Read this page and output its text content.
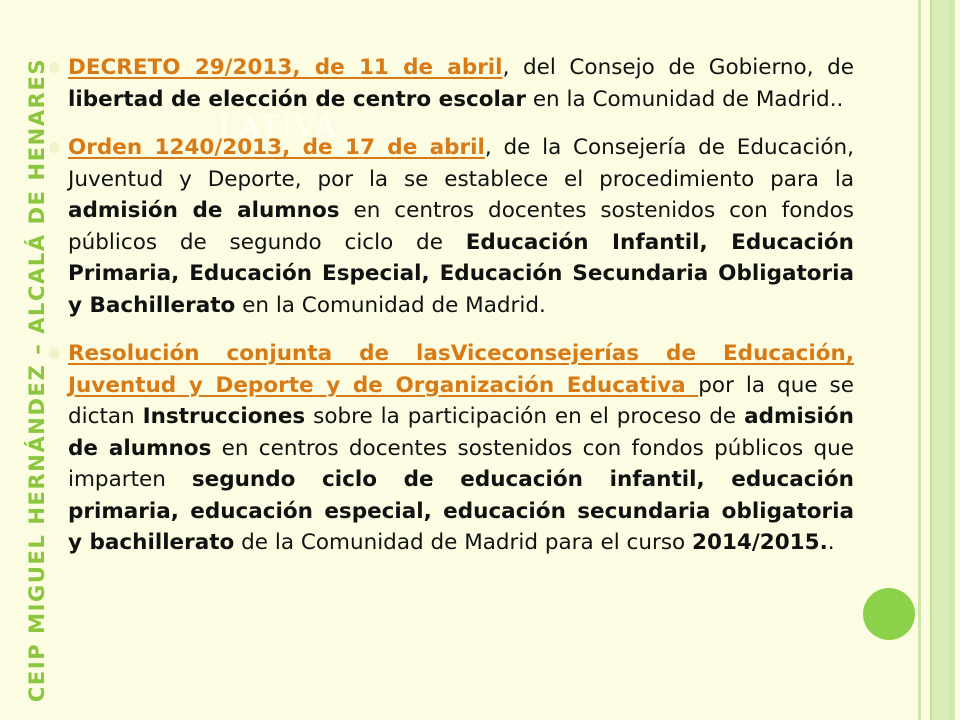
CEIP MIGUEL HERNÁNDEZ – ALCALÁ DE HENARES	LATIVA
DECRETO 29/2013, de 11 de abril, del Consejo de Gobierno, de libertad de elección de centro escolar en la Comunidad de Madrid..
Orden 1240/2013, de 17 de abril, de la Consejería de Educación, Juventud y Deporte, por la se establece el procedimiento para la admisión de alumnos en centros docentes sostenidos con fondos públicos de segundo ciclo de Educación Infantil, Educación Primaria, Educación Especial, Educación Secundaria Obligatoria y Bachillerato en la Comunidad de Madrid.
Resolución conjunta de lasViceconsejerías de Educación, Juventud y Deporte y de Organización Educativa por la que se dictan Instrucciones sobre la participación en el proceso de admisión de alumnos en centros docentes sostenidos con fondos públicos que imparten segundo ciclo de educación infantil, educación primaria, educación especial, educación secundaria obligatoria y bachillerato de la Comunidad de Madrid para el curso 2014/2015..
